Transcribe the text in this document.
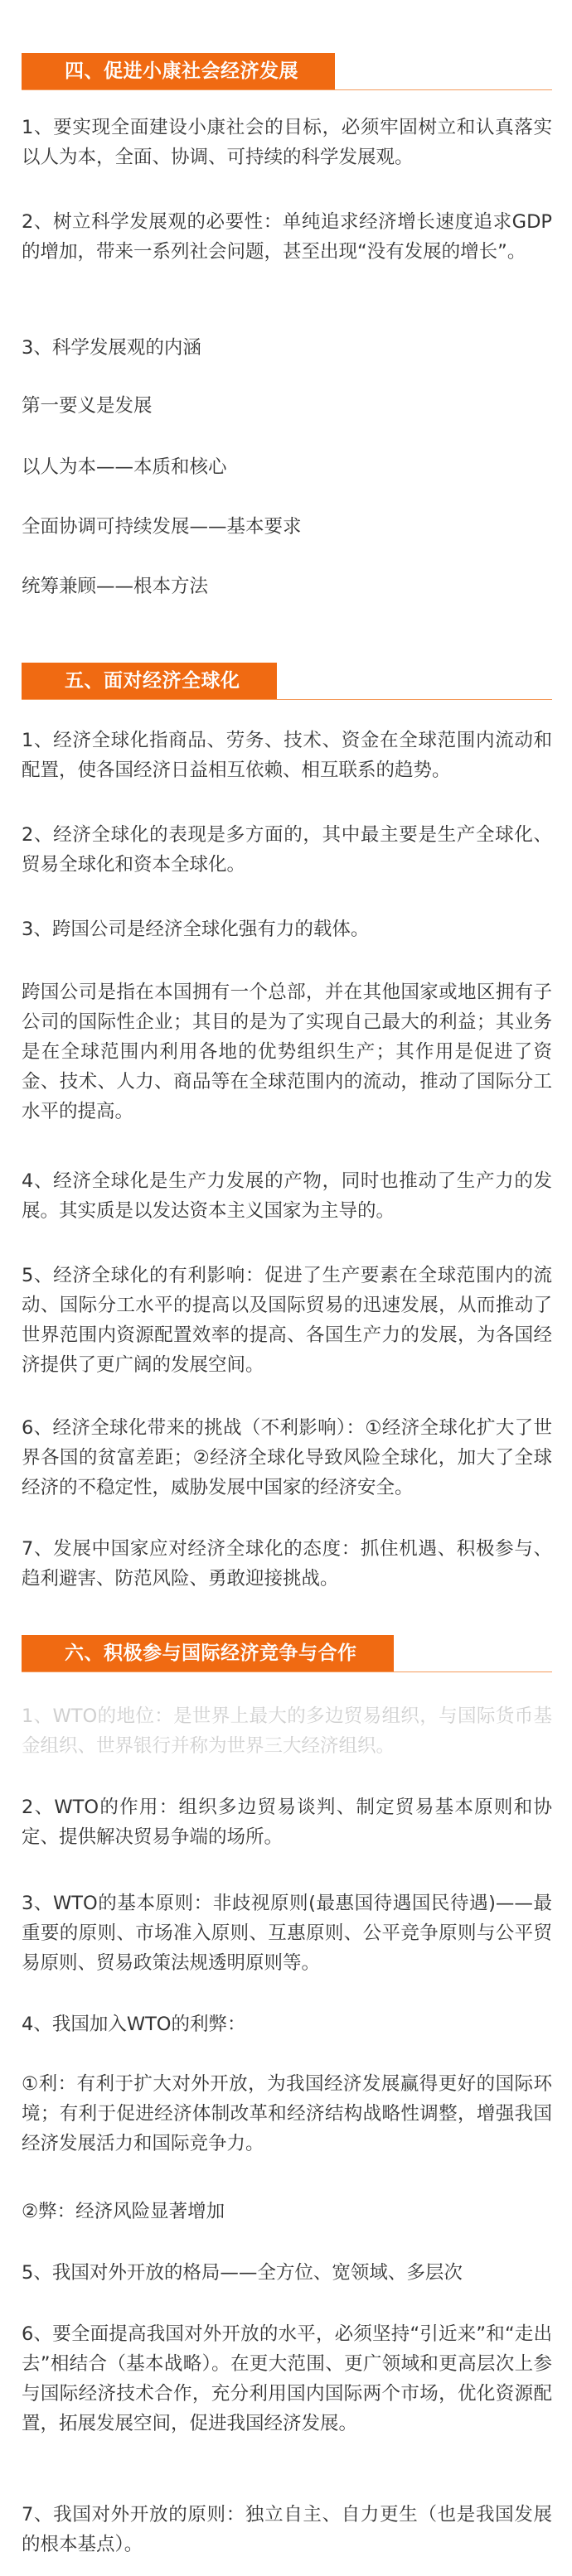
四、促进小康社会经济发展

1、要实现全面建设小康社会的目标，必须牢固树立和认真落实以人为本，全面、协调、可持续的科学发展观。

2、树立科学发展观的必要性：单纯追求经济增长速度追求GDP的增加，带来一系列社会问题，甚至出现“没有发展的增长”。

3、科学发展观的内涵

第一要义是发展

以人为本——本质和核心

全面协调可持续发展——基本要求

统筹兼顾——根本方法

五、面对经济全球化

1、经济全球化指商品、劳务、技术、资金在全球范围内流动和配置，使各国经济日益相互依赖、相互联系的趋势。

2、经济全球化的表现是多方面的，其中最主要是生产全球化、贸易全球化和资本全球化。

3、跨国公司是经济全球化强有力的载体。

跨国公司是指在本国拥有一个总部，并在其他国家或地区拥有子公司的国际性企业；其目的是为了实现自己最大的利益；其业务是在全球范围内利用各地的优势组织生产；其作用是促进了资金、技术、人力、商品等在全球范围内的流动，推动了国际分工水平的提高。

4、经济全球化是生产力发展的产物，同时也推动了生产力的发展。其实质是以发达资本主义国家为主导的。

5、经济全球化的有利影响：促进了生产要素在全球范围内的流动、国际分工水平的提高以及国际贸易的迅速发展，从而推动了世界范围内资源配置效率的提高、各国生产力的发展，为各国经济提供了更广阔的发展空间。

6、经济全球化带来的挑战（不利影响）：①经济全球化扩大了世界各国的贫富差距；②经济全球化导致风险全球化，加大了全球经济的不稳定性，威胁发展中国家的经济安全。

7、发展中国家应对经济全球化的态度：抓住机遇、积极参与、趋利避害、防范风险、勇敢迎接挑战。

六、积极参与国际经济竞争与合作

1、WTO的地位：是世界上最大的多边贸易组织，与国际货币基金组织、世界银行并称为世界三大经济组织。

2、WTO的作用：组织多边贸易谈判、制定贸易基本原则和协定、提供解决贸易争端的场所。

3、WTO的基本原则：非歧视原则(最惠国待遇国民待遇)——最重要的原则、市场准入原则、互惠原则、公平竞争原则与公平贸易原则、贸易政策法规透明原则等。

4、我国加入WTO的利弊：

①利：有利于扩大对外开放，为我国经济发展赢得更好的国际环境；有利于促进经济体制改革和经济结构战略性调整，增强我国经济发展活力和国际竞争力。

②弊：经济风险显著增加

5、我国对外开放的格局——全方位、宽领域、多层次

6、要全面提高我国对外开放的水平，必须坚持“引近来”和“走出去”相结合（基本战略）。在更大范围、更广领域和更高层次上参与国际经济技术合作，充分利用国内国际两个市场，优化资源配置，拓展发展空间，促进我国经济发展。

7、我国对外开放的原则：独立自主、自力更生（也是我国发展的根本基点）。
